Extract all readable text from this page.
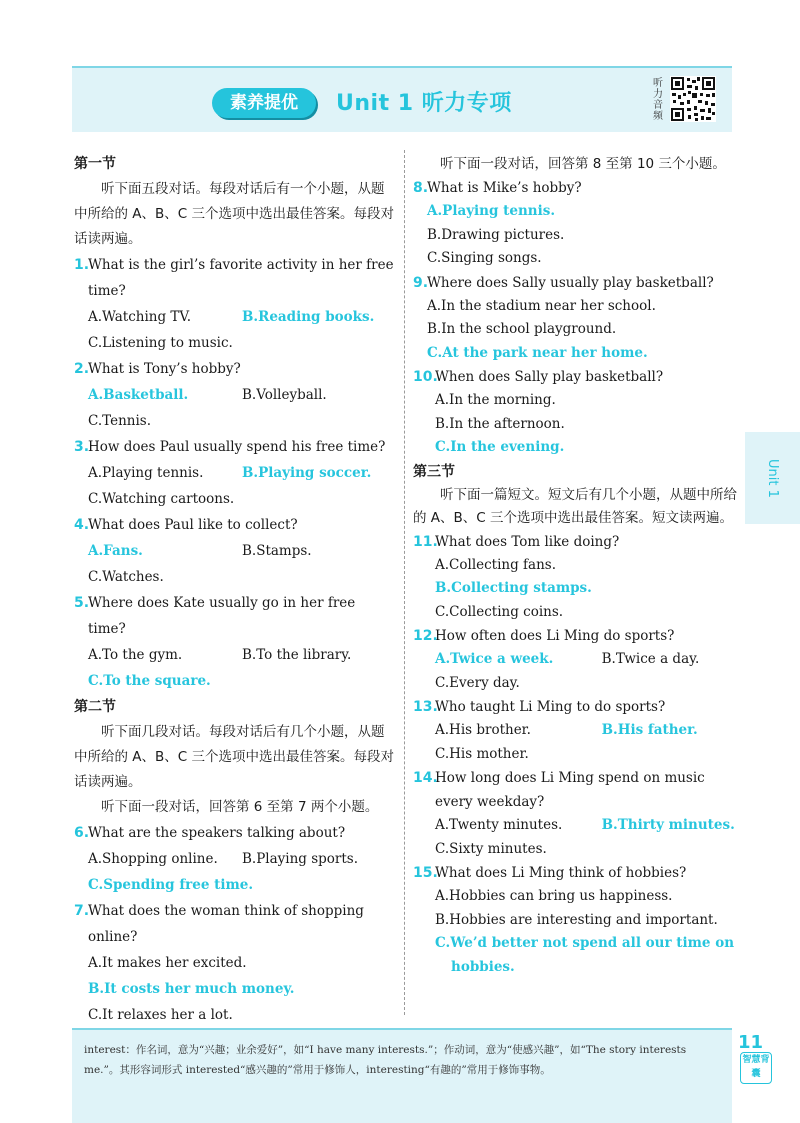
素养提优	Unit 1 听力专项
听力音频

第一节

听下面五段对话。每段对话后有一个小题，从题中所给的 A、B、C 三个选项中选出最佳答案。每段对话读两遍。

1.
What is the girl’s favorite activity in her free time?
A.Watching TV.	B.Reading books.
C.Listening to music.
2.
What is Tony’s hobby?
A.Basketball.	B.Volleyball.
C.Tennis.
3.
How does Paul usually spend his free time?
A.Playing tennis.	B.Playing soccer.
C.Watching cartoons.
4.
What does Paul like to collect?
A.Fans.	B.Stamps.
C.Watches.
5.
Where does Kate usually go in her free time?
A.To the gym.	B.To the library.
C.To the square.

第二节

听下面几段对话。每段对话后有几个小题，从题中所给的 A、B、C 三个选项中选出最佳答案。每段对话读两遍。

听下面一段对话，回答第 6 至第 7 两个小题。

6.
What are the speakers talking about?
A.Shopping online.	B.Playing sports.
C.Spending free time.
7.
What does the woman think of shopping online?
A.It makes her excited.
B.It costs her much money.
C.It relaxes her a lot.

听下面一段对话，回答第 8 至第 10 三个小题。

8.
What is Mike’s hobby?
A.Playing tennis.
B.Drawing pictures.
C.Singing songs.
9.
Where does Sally usually play basketball?
A.In the stadium near her school.
B.In the school playground.
C.At the park near her home.
10.
When does Sally play basketball?
A.In the morning.
B.In the afternoon.
C.In the evening.

第三节

听下面一篇短文。短文后有几个小题，从题中所给的 A、B、C 三个选项中选出最佳答案。短文读两遍。

11.
What does Tom like doing?
A.Collecting fans.
B.Collecting stamps.
C.Collecting coins.
12.
How often does Li Ming do sports?
A.Twice a week.	B.Twice a day.
C.Every day.
13.
Who taught Li Ming to do sports?
A.His brother.	B.His father.
C.His mother.
14.
How long does Li Ming spend on music every weekday?
A.Twenty minutes.	B.Thirty minutes.
C.Sixty minutes.
15.
What does Li Ming think of hobbies?
A.Hobbies can bring us happiness.
B.Hobbies are interesting and important.
C.We’d better not spend all our time on hobbies.
Unit 1
interest：作名词，意为“兴趣；业余爱好”，如“I have many interests.”；作动词，意为“使感兴趣”，如“The story interests me.”。其形容词形式 interested“感兴趣的”常用于修饰人，interesting“有趣的”常用于修饰事物。
11
智慧背囊
